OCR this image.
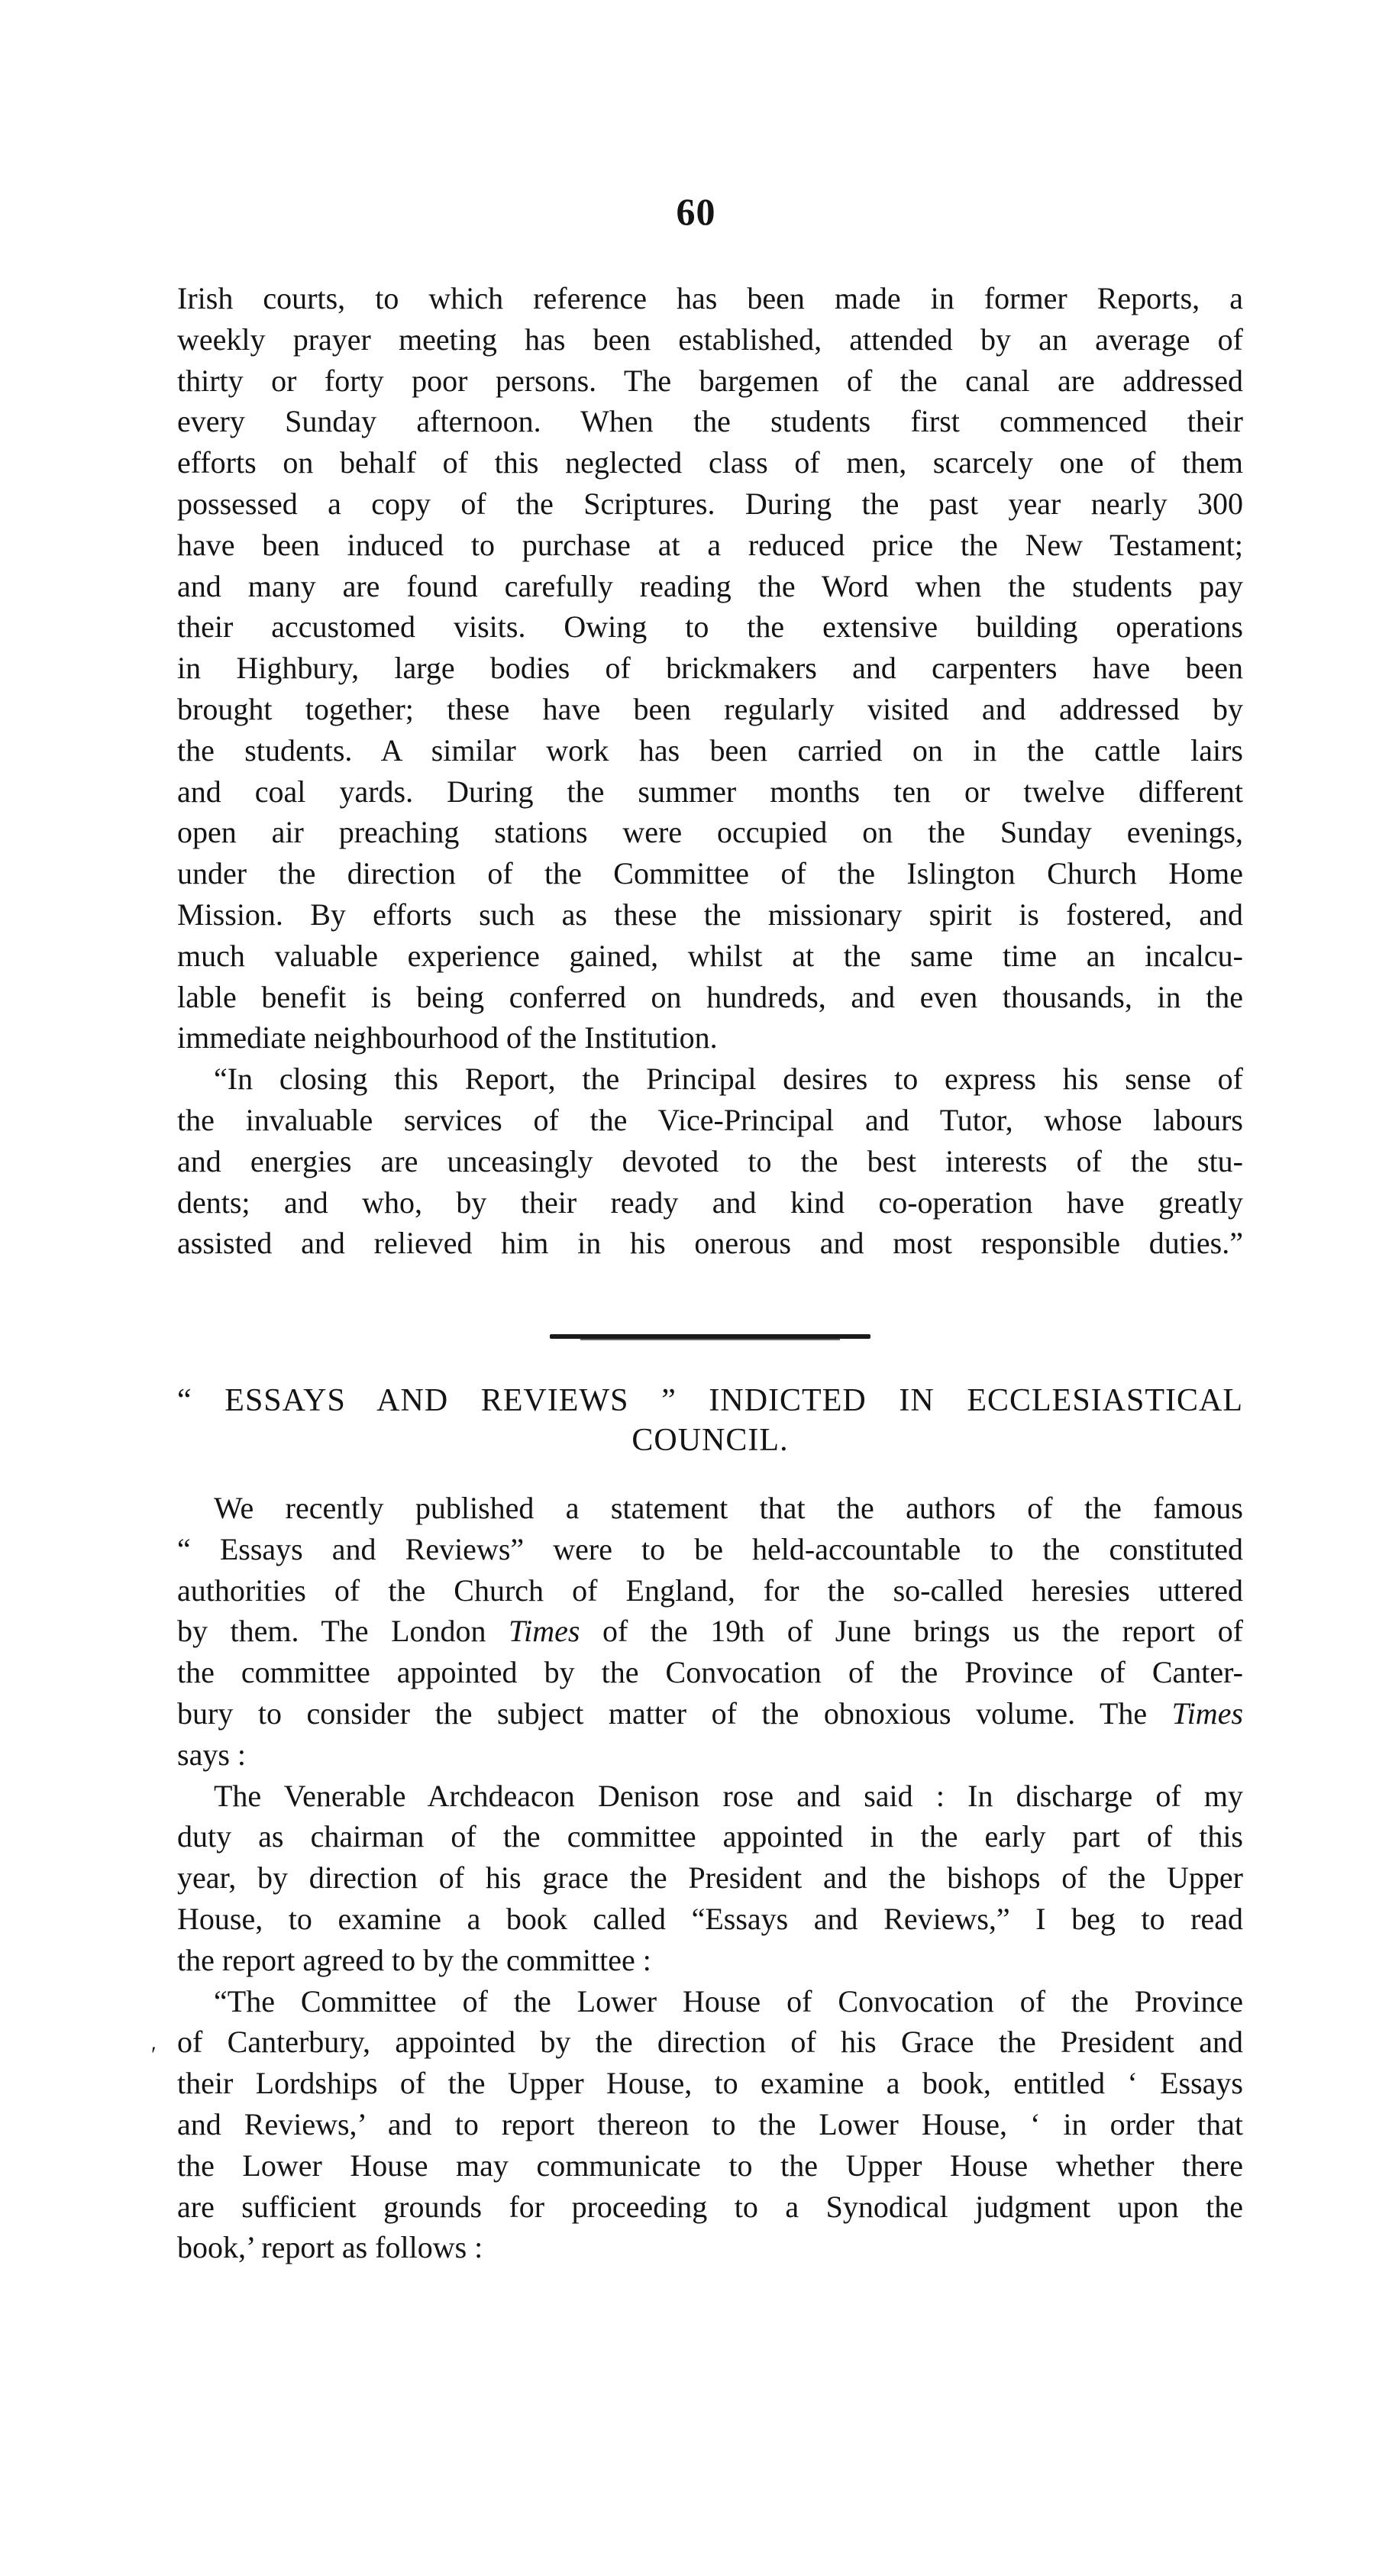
60

Irish courts, to which reference has been made in former Reports, a
weekly prayer meeting has been established, attended by an average of
thirty or forty poor persons. The bargemen of the canal are addressed
every Sunday afternoon. When the students first commenced their
efforts on behalf of this neglected class of men, scarcely one of them
possessed a copy of the Scriptures. During the past year nearly 300
have been induced to purchase at a reduced price the New Testament;
and many are found carefully reading the Word when the students pay
their accustomed visits. Owing to the extensive building operations
in Highbury, large bodies of brickmakers and carpenters have been
brought together; these have been regularly visited and addressed by
the students. A similar work has been carried on in the cattle lairs
and coal yards. During the summer months ten or twelve different
open air preaching stations were occupied on the Sunday evenings,
under the direction of the Committee of the Islington Church Home
Mission. By efforts such as these the missionary spirit is fostered, and
much valuable experience gained, whilst at the same time an incalcu-
lable benefit is being conferred on hundreds, and even thousands, in the
immediate neighbourhood of the Institution.

“In closing this Report, the Principal desires to express his sense of
the invaluable services of the Vice-Principal and Tutor, whose labours
and energies are unceasingly devoted to the best interests of the stu-
dents; and who, by their ready and kind co-operation have greatly
assisted and relieved him in his onerous and most responsible duties.”

“ ESSAYS AND REVIEWS ” INDICTED IN ECCLESIASTICAL
COUNCIL.
ʹ

We recently published a statement that the authors of the famous
“ Essays and Reviews” were to be held-accountable to the constituted
authorities of the Church of England, for the so-called heresies uttered
by them. The London Times of the 19th of June brings us the report of
the committee appointed by the Convocation of the Province of Canter-
bury to consider the subject matter of the obnoxious volume. The Times
says :

The Venerable Archdeacon Denison rose and said : In discharge of my
duty as chairman of the committee appointed in the early part of this
year, by direction of his grace the President and the bishops of the Upper
House, to examine a book called “Essays and Reviews,” I beg to read
the report agreed to by the committee :

“The Committee of the Lower House of Convocation of the Province
of Canterbury, appointed by the direction of his Grace the President and
their Lordships of the Upper House, to examine a book, entitled ‘ Essays
and Reviews,’ and to report thereon to the Lower House, ‘ in order that
the Lower House may communicate to the Upper House whether there
are sufficient grounds for proceeding to a Synodical judgment upon the
book,’ report as follows :
